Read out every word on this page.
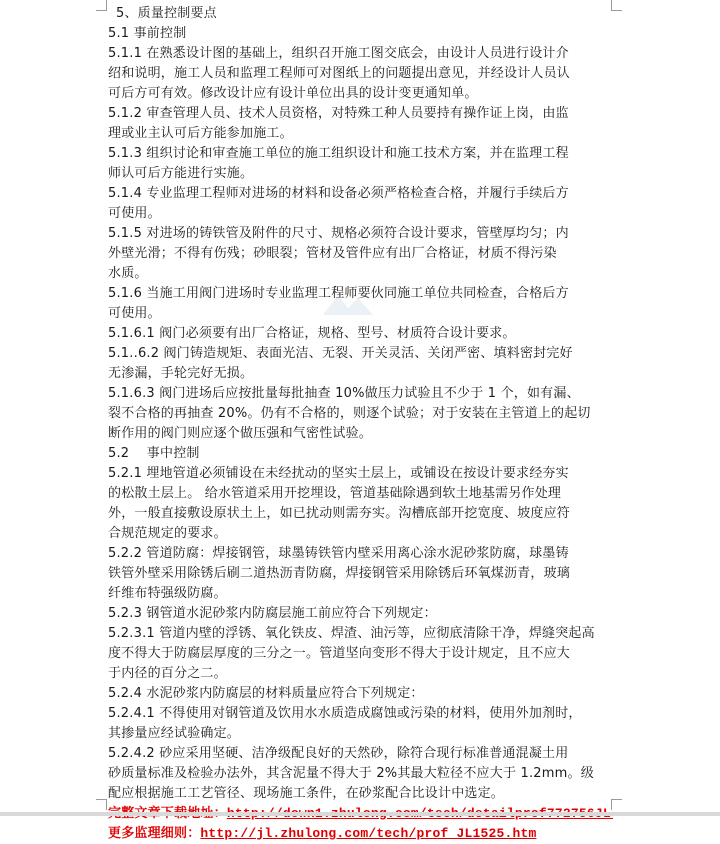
5、质量控制要点
5.1 事前控制
5.1.1 在熟悉设计图的基础上，组织召开施工图交底会，由设计人员进行设计介
绍和说明，施工人员和监理工程师可对图纸上的问题提出意见，并经设计人员认
可后方可有效。修改设计应有设计单位出具的设计变更通知单。
5.1.2 审查管理人员、技术人员资格，对特殊工种人员要持有操作证上岗，由监
理或业主认可后方能参加施工。
5.1.3 组织讨论和审查施工单位的施工组织设计和施工技术方案，并在监理工程
师认可后方能进行实施。
5.1.4 专业监理工程师对进场的材料和设备必须严格检查合格，并履行手续后方
可使用。
5.1.5 对进场的铸铁管及附件的尺寸、规格必须符合设计要求，管壁厚均匀；内
外壁光滑；不得有伤残；砂眼裂；管材及管件应有出厂合格证，材质不得污染
水质。
5.1.6 当施工用阀门进场时专业监理工程师要伙同施工单位共同检查，合格后方
可使用。
5.1.6.1 阀门必须要有出厂合格证，规格、型号、材质符合设计要求。
5.1..6.2 阀门铸造规矩、表面光洁、无裂、开关灵活、关闭严密、填料密封完好
无渗漏，手轮完好无损。
5.1.6.3 阀门进场后应按批量每批抽查 10%做压力试验且不少于 1 个，如有漏、
裂不合格的再抽查 20%。仍有不合格的，则逐个试验；对于安装在主管道上的起切
断作用的阀门则应逐个做压强和气密性试验。
5.2　 事中控制
5.2.1 埋地管道必须铺设在未经扰动的坚实土层上，或铺设在按设计要求经夯实
的松散土层上。 给水管道采用开挖埋设，管道基础除遇到软土地基需另作处理
外，一般直接敷设原状土上，如已扰动则需夯实。沟槽底部开挖宽度、坡度应符
合规范规定的要求。
5.2.2 管道防腐：焊接钢管，球墨铸铁管内壁采用离心涂水泥砂浆防腐，球墨铸
铁管外壁采用除锈后刷二道热沥青防腐，焊接钢管采用除锈后环氧煤沥青，玻璃
纤维布特强级防腐。
5.2.3 钢管道水泥砂浆内防腐层施工前应符合下列规定：
5.2.3.1 管道内壁的浮锈、氧化铁皮、焊渣、油污等，应彻底清除干净，焊缝突起高
度不得大于防腐层厚度的三分之一。管道坚向变形不得大于设计规定，且不应大
于内径的百分之二。
5.2.4 水泥砂浆内防腐层的材料质量应符合下列规定：
5.2.4.1 不得使用对钢管道及饮用水水质造成腐蚀或污染的材料，使用外加剂时，
其掺量应经试验确定。
5.2.4.2 砂应采用坚硬、洁净级配良好的天然砂，除符合现行标准普通混凝土用
砂质量标准及检验办法外，其含泥量不得大于 2%其最大粒径不应大于 1.2mm。级
配应根据施工工艺管径、现场施工条件，在砂浆配合比设计中选定。
更多监理细则：http://jl.zhulong.com/tech/prof_JL1525.htm
